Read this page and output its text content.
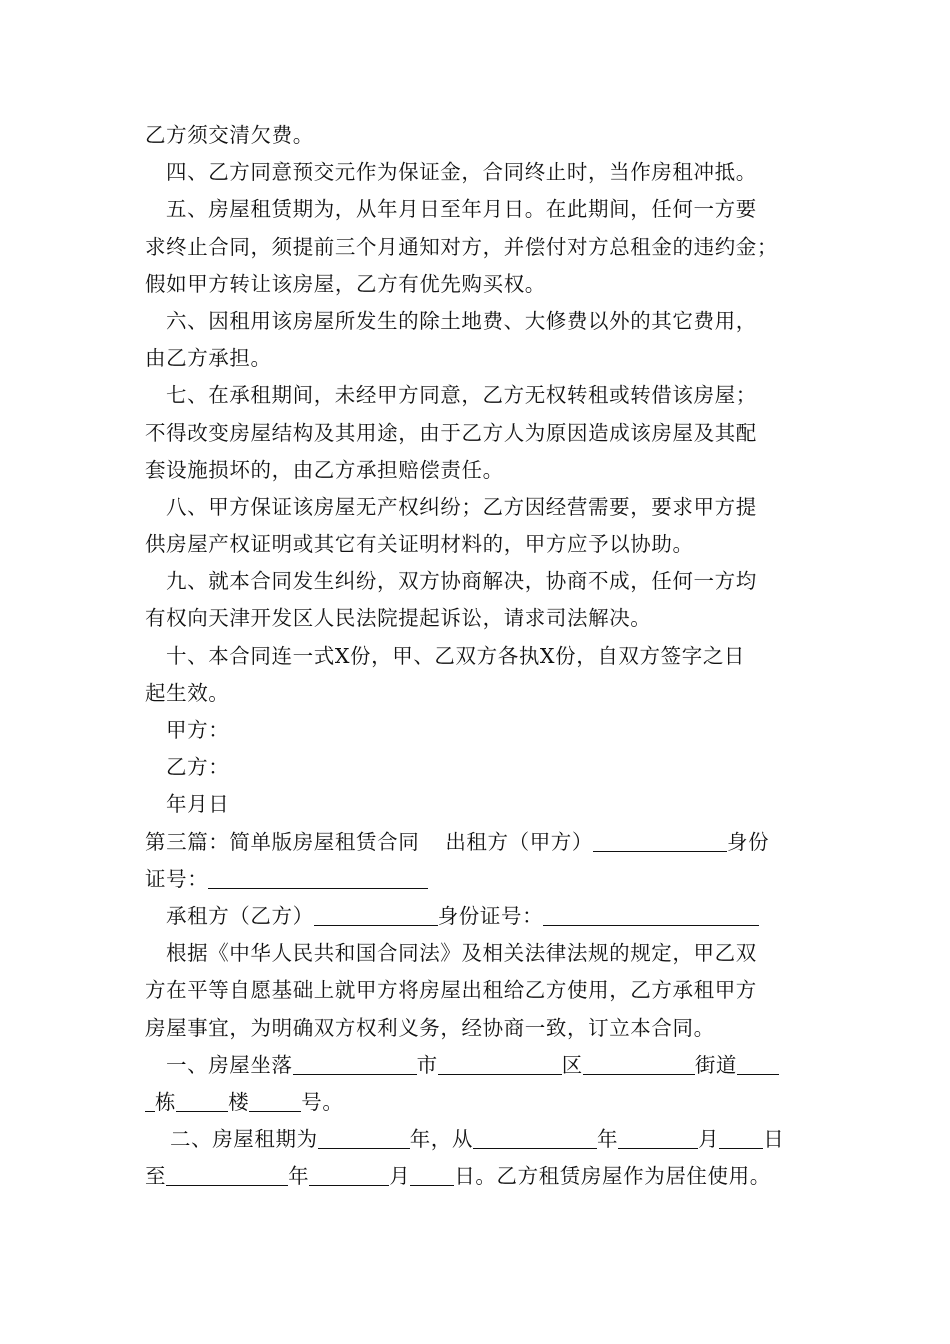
乙方须交清欠费。
四、乙方同意预交元作为保证金，合同终止时，当作房租冲抵。
五、房屋租赁期为，从年月日至年月日。在此期间，任何一方要
求终止合同，须提前三个月通知对方，并偿付对方总租金的违约金；
假如甲方转让该房屋，乙方有优先购买权。
六、因租用该房屋所发生的除土地费、大修费以外的其它费用，
由乙方承担。
七、在承租期间，未经甲方同意，乙方无权转租或转借该房屋；
不得改变房屋结构及其用途，由于乙方人为原因造成该房屋及其配
套设施损坏的，由乙方承担赔偿责任。
八、甲方保证该房屋无产权纠纷；乙方因经营需要，要求甲方提
供房屋产权证明或其它有关证明材料的，甲方应予以协助。
九、就本合同发生纠纷，双方协商解决，协商不成，任何一方均
有权向天津开发区人民法院提起诉讼，请求司法解决。
十、本合同连一式X份，甲、乙双方各执X份，自双方签字之日
起生效。
甲方：
乙方：
年月日
第三篇：简单版房屋租赁合同 出租方（甲方）	身份
证号：
承租方（乙方）	身份证号：
根据《中华人民共和国合同法》及相关法律法规的规定，甲乙双
方在平等自愿基础上就甲方将房屋出租给乙方使用，乙方承租甲方
房屋事宜，为明确双方权利义务，经协商一致，订立本合同。
一、房屋坐落	市	区	街道
栋	楼	号。
二、房屋租期为	年，从	年	月 日
至	年	月 日。乙方租赁房屋作为居住使用。
